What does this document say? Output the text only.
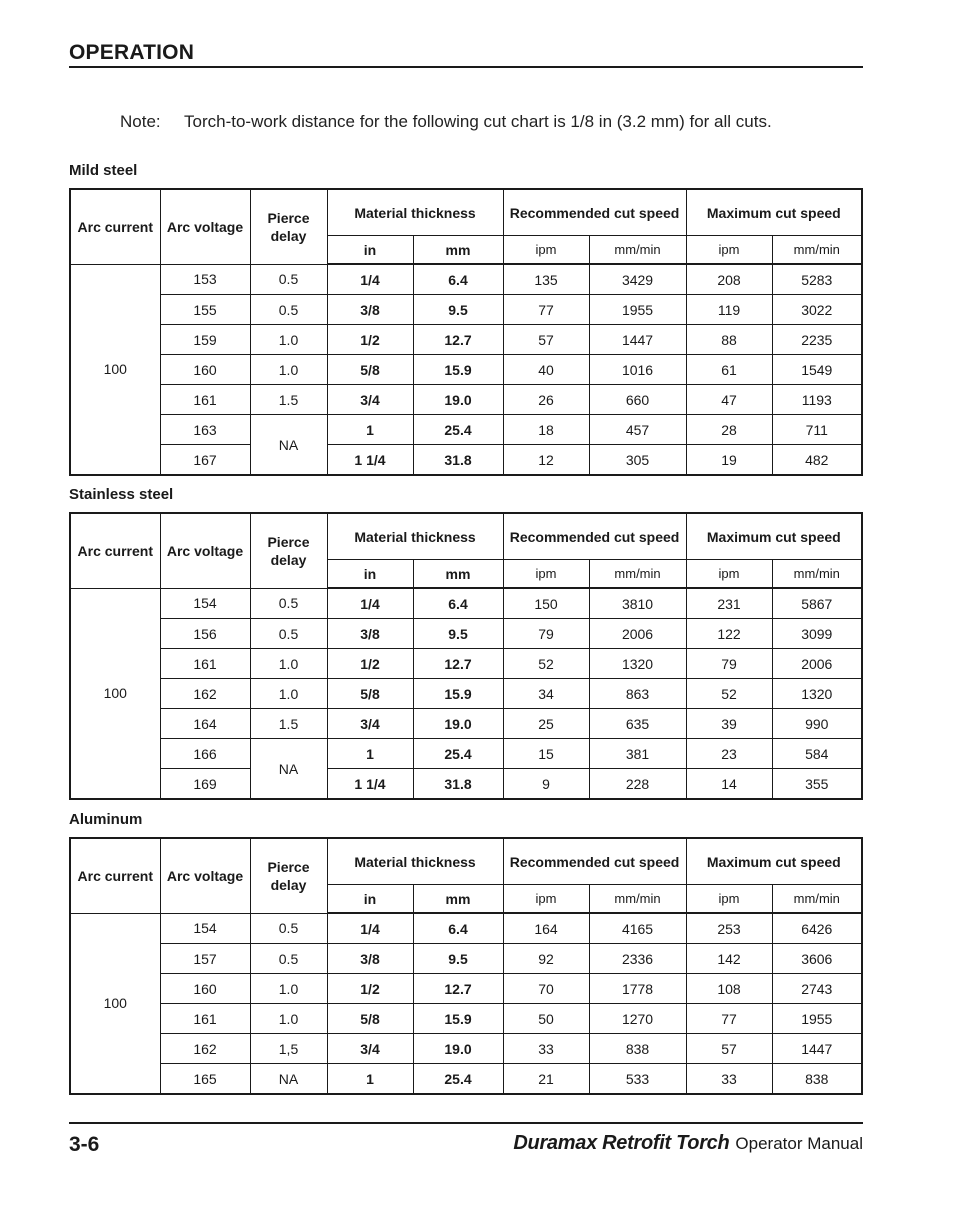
OPERATION
Note: Torch-to-work distance for the following cut chart is 1/8 in (3.2 mm) for all cuts.
Mild steel
Arc current	Arc voltage	Pierce delay	Material thickness		Recommended cut speed		Maximum cut speed	
			in	mm	ipm	mm/min	ipm	mm/min
100	153	0.5	1/4	6.4	135	3429	208	5283
	155	0.5	3/8	9.5	77	1955	119	3022
	159	1.0	1/2	12.7	57	1447	88	2235
	160	1.0	5/8	15.9	40	1016	61	1549
	161	1.5	3/4	19.0	26	660	47	1193
	163	NA	1	25.4	18	457	28	711
	167		1 1/4	31.8	12	305	19	482
Stainless steel
Arc current	Arc voltage	Pierce delay	Material thickness		Recommended cut speed		Maximum cut speed	
			in	mm	ipm	mm/min	ipm	mm/min
100	154	0.5	1/4	6.4	150	3810	231	5867
	156	0.5	3/8	9.5	79	2006	122	3099
	161	1.0	1/2	12.7	52	1320	79	2006
	162	1.0	5/8	15.9	34	863	52	1320
	164	1.5	3/4	19.0	25	635	39	990
	166	NA	1	25.4	15	381	23	584
	169		1 1/4	31.8	9	228	14	355
Aluminum
Arc current	Arc voltage	Pierce delay	Material thickness		Recommended cut speed		Maximum cut speed	
			in	mm	ipm	mm/min	ipm	mm/min
100	154	0.5	1/4	6.4	164	4165	253	6426
	157	0.5	3/8	9.5	92	2336	142	3606
	160	1.0	1/2	12.7	70	1778	108	2743
	161	1.0	5/8	15.9	50	1270	77	1955
	162	1,5	3/4	19.0	33	838	57	1447
	165	NA	1	25.4	21	533	33	838
3-6	Duramax Retrofit Torch Operator Manual
